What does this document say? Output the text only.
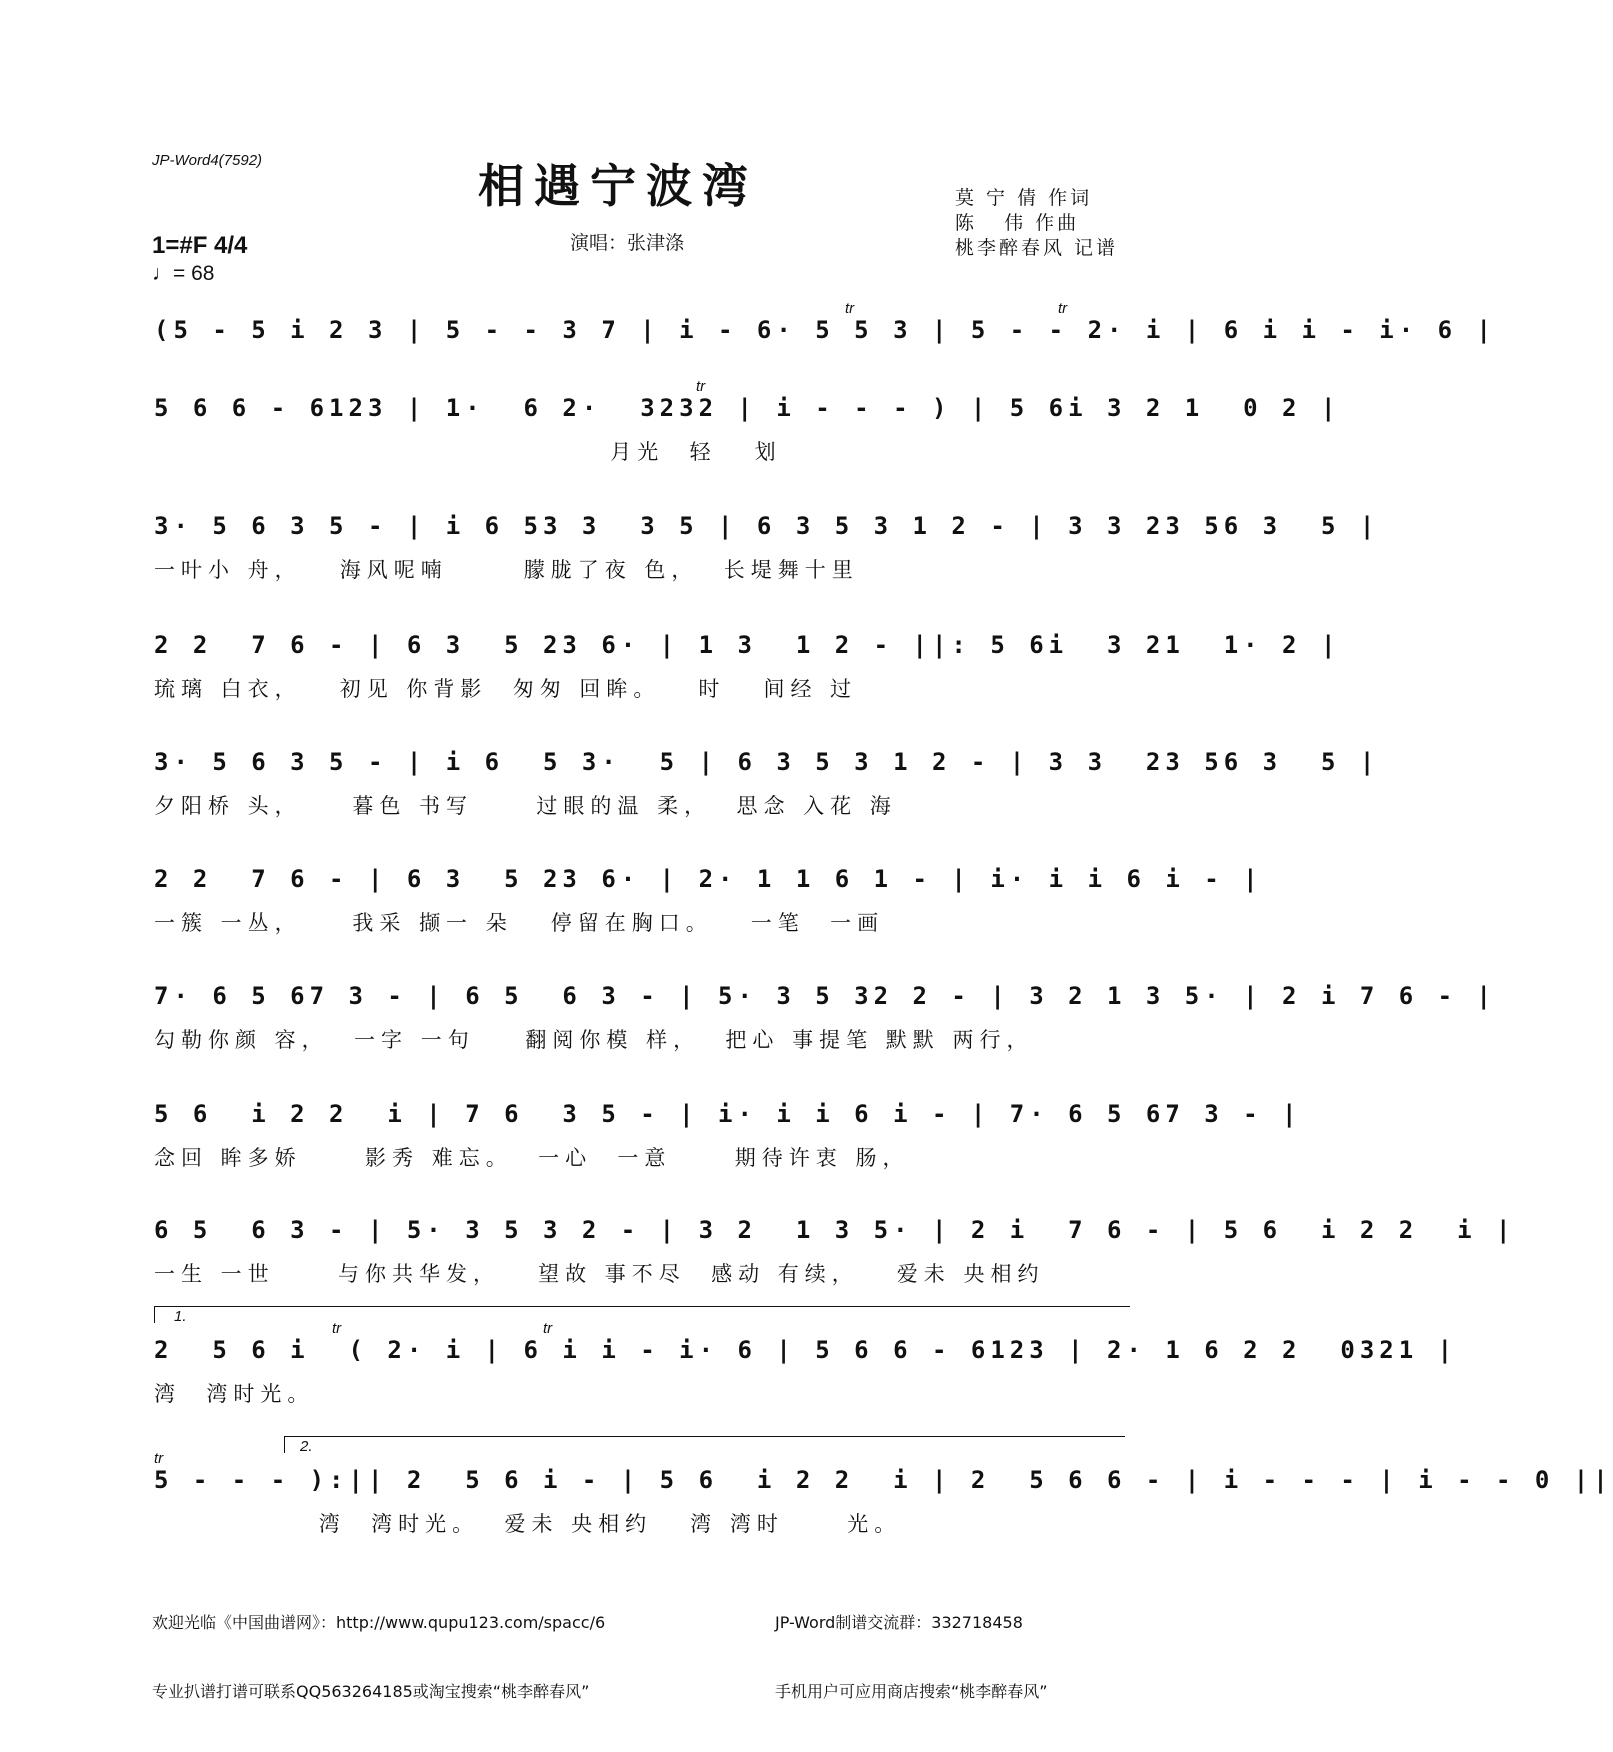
JP-Word4(7592)	相遇宁波湾
演唱：张津涤
1=#F 4/4
♩= 68
莫 宁 倩 作词
陈   伟 作曲
桃李醉春风 记谱
(5 - 5 i 2 3 | 5 - - 3 7 | i - 6· 5 5 3 | 5 - - 2· i | 6 i i - i· 6 |
tr	tr
5 6 6 - 6123 | 1·  6 2·  3232 | i - - - ) | 5 6i 3 2 1  0 2 |
月光  轻   划
tr
3· 5 6 3 5 - | i 6 53 3  3 5 | 6 3 5 3 1 2 - | 3 3 23 56 3  5 |
一叶小 舟，   海风呢喃      朦胧了夜 色，  长堤舞十里
2 2  7 6 - | 6 3  5 23 6· | 1 3  1 2 - ||: 5 6i  3 21  1· 2 |
琉璃 白衣，   初见 你背影  匆匆 回眸。   时   间经 过
3· 5 6 3 5 - | i 6  5 3·  5 | 6 3 5 3 1 2 - | 3 3  23 56 3  5 |
夕阳桥 头，    暮色 书写     过眼的温 柔，  思念 入花 海
2 2  7 6 - | 6 3  5 23 6· | 2· 1 1 6 1 - | i· i i 6 i - |
一簇 一丛，    我采 撷一 朵   停留在胸口。   一笔  一画
7· 6 5 67 3 - | 6 5  6 3 - | 5· 3 5 32 2 - | 3 2 1 3 5· | 2 i 7 6 - |
勾勒你颜 容，  一字 一句    翻阅你模 样，  把心 事提笔 默默 两行，
5 6  i 2 2  i | 7 6  3 5 - | i· i i 6 i - | 7· 6 5 67 3 - |
念回 眸多娇     影秀 难忘。  一心  一意     期待许衷 肠，
6 5  6 3 - | 5· 3 5 3 2 - | 3 2  1 3 5· | 2 i  7 6 - | 5 6  i 2 2  i |
一生 一世     与你共华发，   望故 事不尽  感动 有续，   爱未 央相约
1.
2  5 6 i  ( 2· i | 6 i i - i· 6 | 5 6 6 - 6123 | 2· 1 6 2 2  0321 |
湾  湾时光。
tr	tr
2.
5 - - - ):|| 2  5 6 i - | 5 6  i 2 2  i | 2  5 6 6 - | i - - - | i - - 0 ||
湾  湾时光。  爱未 央相约   湾 湾时     光。
tr

欢迎光临《中国曲谱网》：http://www.qupu123.com/spacc/6

专业扒谱打谱可联系QQ563264185或淘宝搜索“桃李醉春风”

JP-Word制谱交流群：332718458

手机用户可应用商店搜索“桃李醉春风”
